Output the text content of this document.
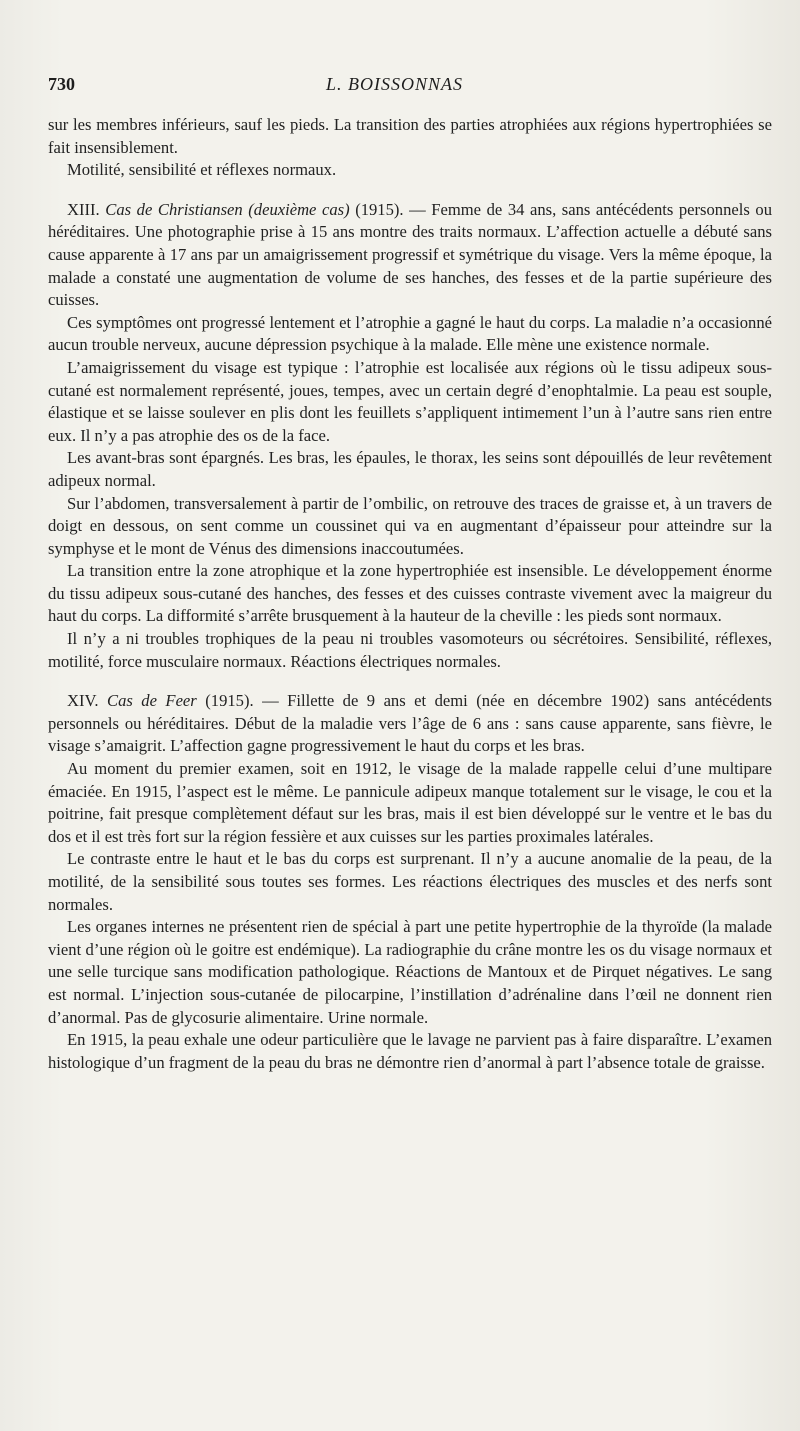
730	L. BOISSONNAS

sur les membres inférieurs, sauf les pieds. La transition des parties atrophiées aux régions hypertrophiées se fait insensiblement.

Motilité, sensibilité et réflexes normaux.

XIII. Cas de Christiansen (deuxième cas) (1915). — Femme de 34 ans, sans antécédents personnels ou héréditaires. Une photographie prise à 15 ans montre des traits normaux. L’affection actuelle a débuté sans cause apparente à 17 ans par un amaigrissement progressif et symétrique du visage. Vers la même époque, la malade a constaté une augmentation de volume de ses hanches, des fesses et de la partie supérieure des cuisses.

Ces symptômes ont progressé lentement et l’atrophie a gagné le haut du corps. La maladie n’a occasionné aucun trouble nerveux, aucune dépression psychique à la malade. Elle mène une existence normale.

L’amaigrissement du visage est typique : l’atrophie est localisée aux régions où le tissu adipeux sous-cutané est normalement représenté, joues, tempes, avec un certain degré d’enophtalmie. La peau est souple, élastique et se laisse soulever en plis dont les feuillets s’appliquent intimement l’un à l’autre sans rien entre eux. Il n’y a pas atrophie des os de la face.

Les avant-bras sont épargnés. Les bras, les épaules, le thorax, les seins sont dépouillés de leur revêtement adipeux normal.

Sur l’abdomen, transversalement à partir de l’ombilic, on retrouve des traces de graisse et, à un travers de doigt en dessous, on sent comme un coussinet qui va en augmentant d’épaisseur pour atteindre sur la symphyse et le mont de Vénus des dimensions inaccoutumées.

La transition entre la zone atrophique et la zone hypertrophiée est insensible. Le développement énorme du tissu adipeux sous-cutané des hanches, des fesses et des cuisses contraste vivement avec la maigreur du haut du corps. La difformité s’arrête brusquement à la hauteur de la cheville : les pieds sont normaux.

Il n’y a ni troubles trophiques de la peau ni troubles vasomoteurs ou sécrétoires. Sensibilité, réflexes, motilité, force musculaire normaux. Réactions électriques normales.

XIV. Cas de Feer (1915). — Fillette de 9 ans et demi (née en décembre 1902) sans antécédents personnels ou héréditaires. Début de la maladie vers l’âge de 6 ans : sans cause apparente, sans fièvre, le visage s’amaigrit. L’affection gagne progressivement le haut du corps et les bras.

Au moment du premier examen, soit en 1912, le visage de la malade rappelle celui d’une multipare émaciée. En 1915, l’aspect est le même. Le pannicule adipeux manque totalement sur le visage, le cou et la poitrine, fait presque complètement défaut sur les bras, mais il est bien développé sur le ventre et le bas du dos et il est très fort sur la région fessière et aux cuisses sur les parties proximales latérales.

Le contraste entre le haut et le bas du corps est surprenant. Il n’y a aucune anomalie de la peau, de la motilité, de la sensibilité sous toutes ses formes. Les réactions électriques des muscles et des nerfs sont normales.

Les organes internes ne présentent rien de spécial à part une petite hypertrophie de la thyroïde (la malade vient d’une région où le goitre est endémique). La radiographie du crâne montre les os du visage normaux et une selle turcique sans modification pathologique. Réactions de Mantoux et de Pirquet négatives. Le sang est normal. L’injection sous-cutanée de pilocarpine, l’instillation d’adrénaline dans l’œil ne donnent rien d’anormal. Pas de glycosurie alimentaire. Urine normale.

En 1915, la peau exhale une odeur particulière que le lavage ne parvient pas à faire disparaître. L’examen histologique d’un fragment de la peau du bras ne démontre rien d’anormal à part l’absence totale de graisse.
